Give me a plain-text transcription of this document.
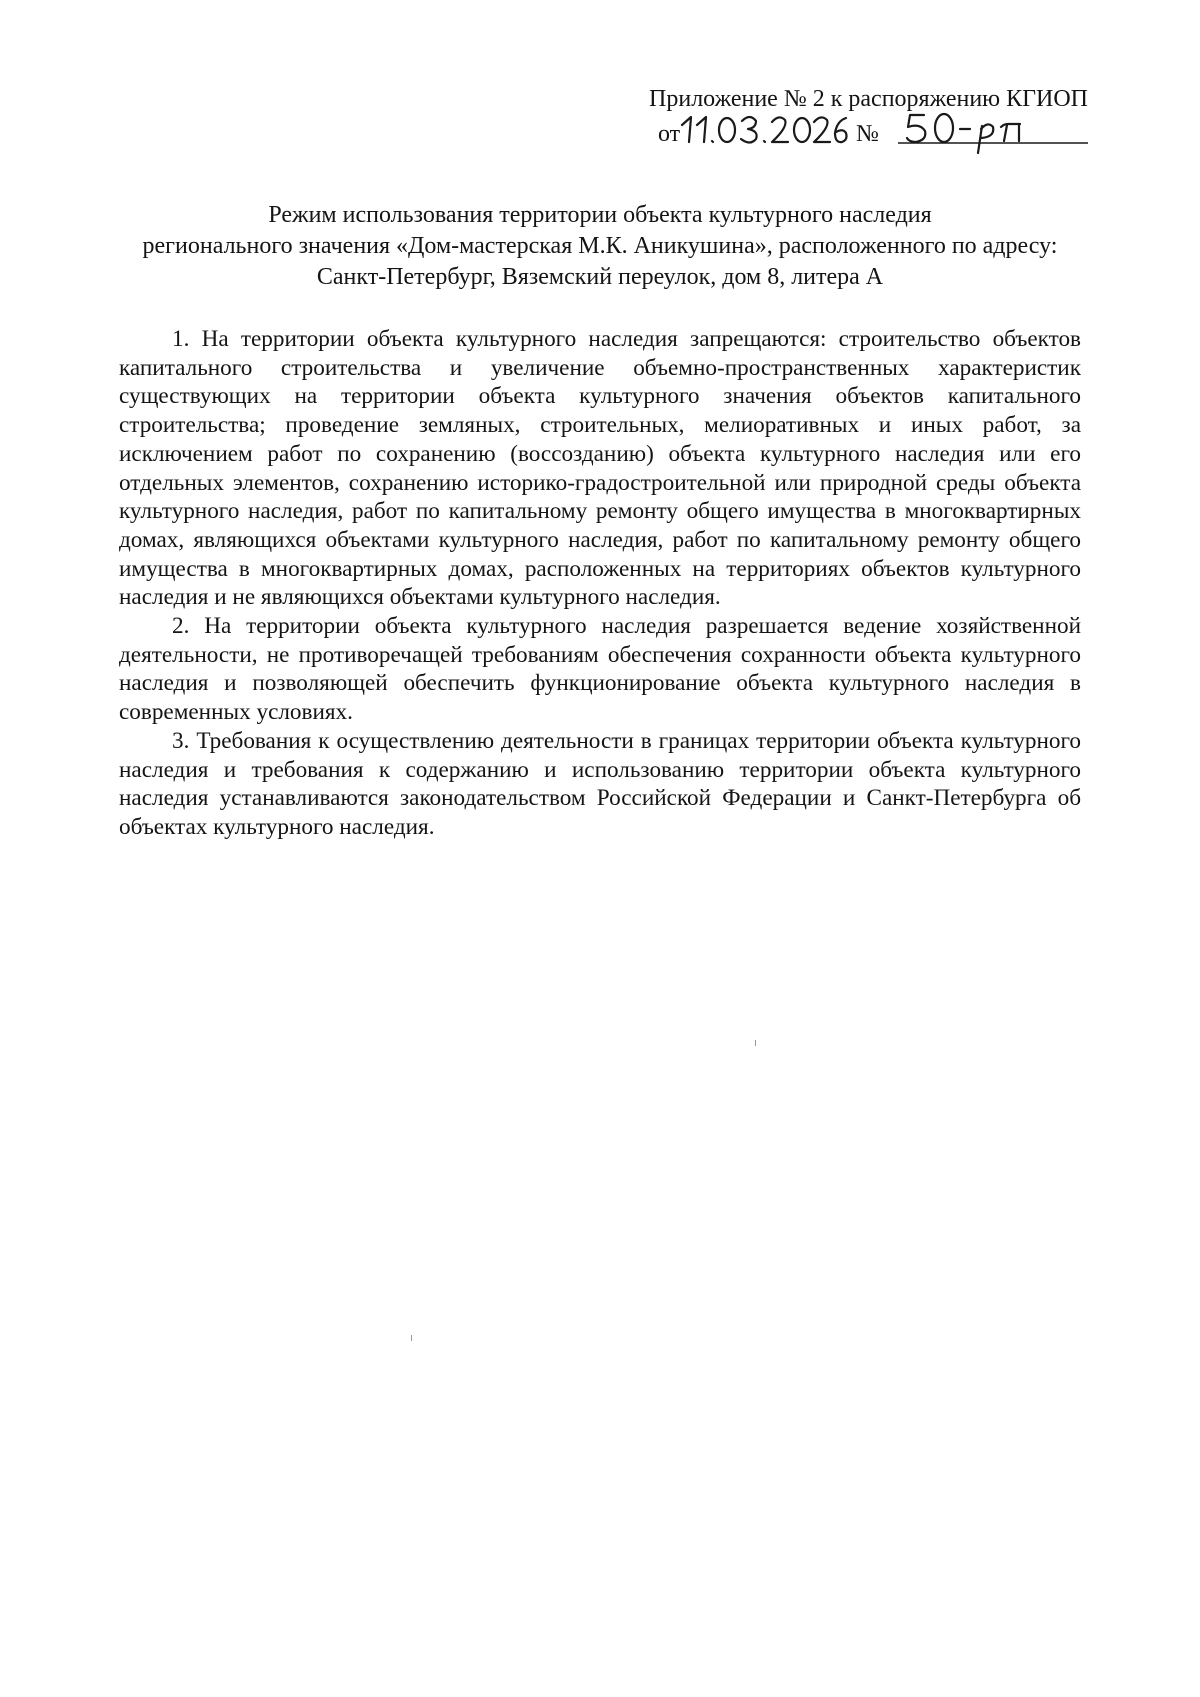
Приложение № 2 к распоряжению КГИОП
от	№
Режим использования территории объекта культурного наследия
регионального значения «Дом-мастерская М.К. Аникушина», расположенного по адресу:
Санкт-Петербург, Вяземский переулок, дом 8, литера А

1. На территории объекта культурного наследия запрещаются: строительство объектов капитального строительства и увеличение объемно-пространственных характеристик существующих на территории объекта культурного значения объектов капитального строительства; проведение земляных, строительных, мелиоративных и иных работ, за исключением работ по сохранению (воссозданию) объекта культурного наследия или его отдельных элементов, сохранению историко-градостроительной или природной среды объекта культурного наследия, работ по капитальному ремонту общего имущества в многоквартирных домах, являющихся объектами культурного наследия, работ по капитальному ремонту общего имущества в многоквартирных домах, расположенных на территориях объектов культурного наследия и не являющихся объектами культурного наследия.

2. На территории объекта культурного наследия разрешается ведение хозяйственной деятельности, не противоречащей требованиям обеспечения сохранности объекта культурного наследия и позволяющей обеспечить функционирование объекта культурного наследия в современных условиях.

3. Требования к осуществлению деятельности в границах территории объекта культурного наследия и требования к содержанию и использованию территории объекта культурного наследия устанавливаются законодательством Российской Федерации и Санкт-Петербурга об объектах культурного наследия.
